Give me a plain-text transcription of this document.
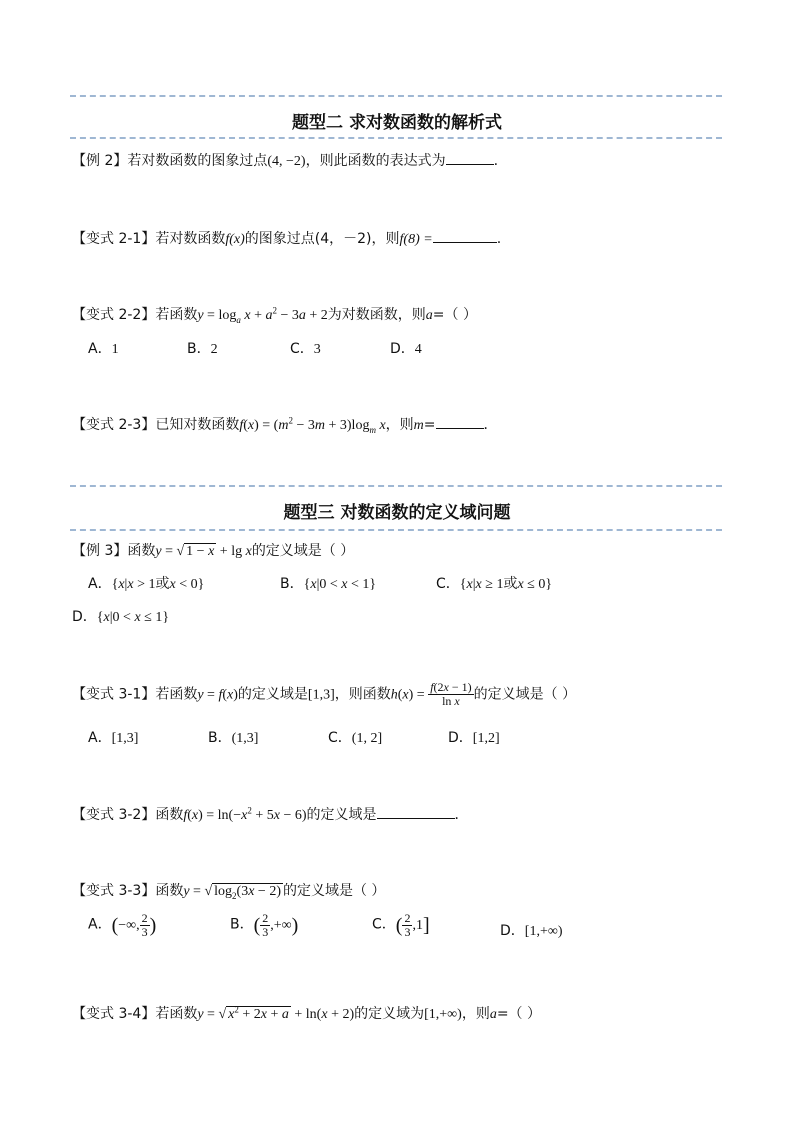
题型二 求对数函数的解析式
【例 2】若对数函数的图象过点(4, −2)，则此函数的表达式为	.
【变式 2-1】若对数函数f(x)的图象过点(4，－2)，则f(8) =	.
【变式 2-2】若函数$y = \log_a x + a^2 - 3a + 2$为对数函数，则a=（ ）
A．1	B．2	C．3	D．4
【变式 2-3】已知对数函数$f(x) = (m^2 - 3m + 3)\log_m$ x，则m=	．
题型三 对数函数的定义域问题
【例 3】函数y = √ 1 − x + lg x的定义域是（ ）
A．{x|x > 1或x < 0}	B．{x|0 < x < 1}	C．{x|x ≥ 1或x ≤ 0}
D．{x|0 < x ≤ 1}
【变式 3-1】若函数y = f(x)的定义域是[1,3]，则函数$h(x) = \frac{f(2x - 1)}{\text{ln x}}$ 的定义域是（ ）
A．[1,3]	B．(1,3]	C．(1, 2]	D．[1,2]
【变式 3-2】函数$f(x) = \ln(-x^2 + 5x - 6)$的定义域是	．
【变式 3-3】函数y = √ $\log_2(3x - 2)$ 的定义域是（ ）
A．(−∞, $\frac{2}{3}$ )	B．( $\frac{2}{3}$ ,+∞)	C．( $\frac{2}{3} ,1$]	D．[1,+∞)
【变式 3-4】若函数y = √ $x^2 + 2x + a + \ln(x + 2)$的定义域为[1,+∞)，则a=（ ）
